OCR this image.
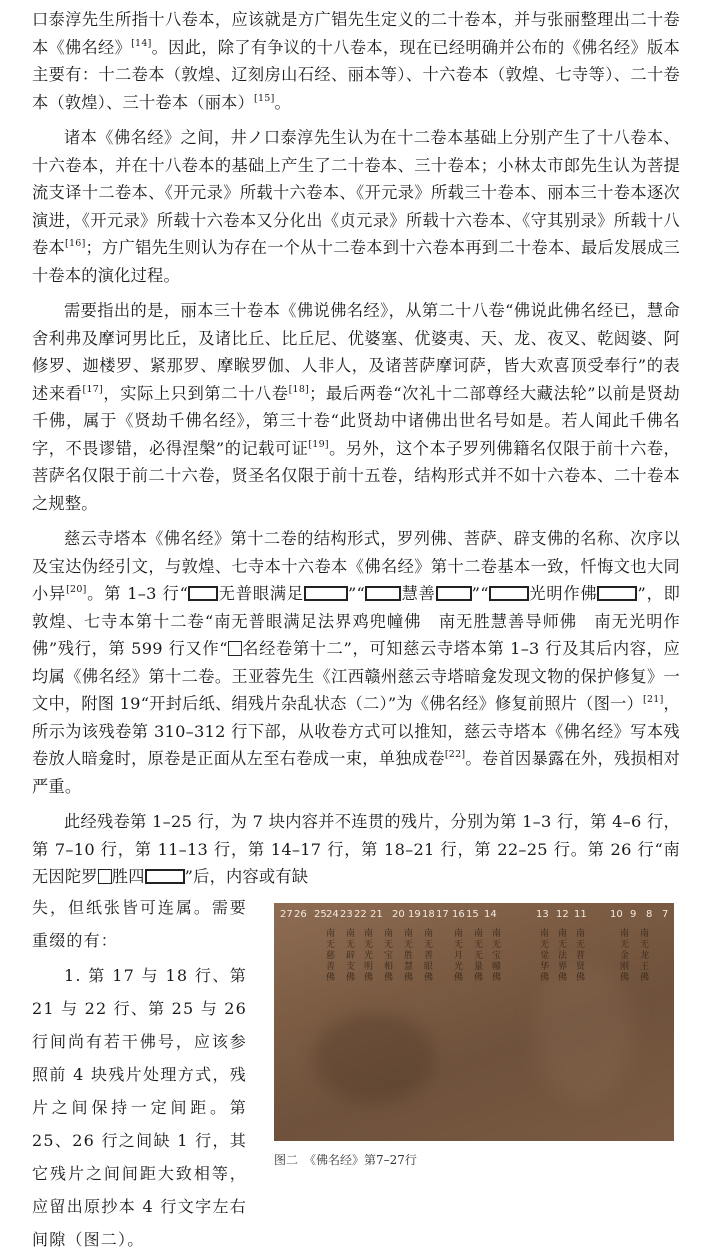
口泰淳先生所指十八卷本，应该就是方广锠先生定义的二十卷本，并与张丽整理出二十卷本《佛名经》[14]。因此，除了有争议的十八卷本，现在已经明确并公布的《佛名经》版本主要有：十二卷本（敦煌、辽刻房山石经、丽本等）、十六卷本（敦煌、七寺等）、二十卷本（敦煌）、三十卷本（丽本）[15]。

诸本《佛名经》之间，井ノ口泰淳先生认为在十二卷本基础上分别产生了十八卷本、十六卷本，并在十八卷本的基础上产生了二十卷本、三十卷本；小林太市郎先生认为菩提流支译十二卷本、《开元录》所载十六卷本、《开元录》所载三十卷本、丽本三十卷本逐次演进，《开元录》所载十六卷本又分化出《贞元录》所载十六卷本、《守其别录》所载十八卷本[16]；方广锠先生则认为存在一个从十二卷本到十六卷本再到二十卷本、最后发展成三十卷本的演化过程。

需要指出的是，丽本三十卷本《佛说佛名经》，从第二十八卷“佛说此佛名经已，慧命舍利弗及摩诃男比丘，及诸比丘、比丘尼、优婆塞、优婆夷、天、龙、夜叉、乾闼婆、阿修罗、迦楼罗、紧那罗、摩睺罗伽、人非人，及诸菩萨摩诃萨，皆大欢喜顶受奉行”的表述来看[17]，实际上只到第二十八卷[18]；最后两卷“次礼十二部尊经大藏法轮”以前是贤劫千佛，属于《贤劫千佛名经》，第三十卷“此贤劫中诸佛出世名号如是。若人闻此千佛名字，不畏谬错，必得涅槃”的记载可证[19]。另外，这个本子罗列佛籍名仅限于前十六卷，菩萨名仅限于前二十六卷，贤圣名仅限于前十五卷，结构形式并不如十六卷本、二十卷本之规整。

慈云寺塔本《佛名经》第十二卷的结构形式，罗列佛、菩萨、辟支佛的名称、次序以及宝达伪经引文，与敦煌、七寺本十六卷本《佛名经》第十二卷基本一致，忏悔文也大同小异[20]。第 1–3 行“ 无普眼满足	”“ 慧善 ”“ 光明作佛 ”，即敦煌、七寺本第十二卷“南无普眼满足法界鸡兜幢佛　南无胜慧善导师佛　南无光明作佛”残行，第 599 行又作“ 名经卷第十二”，可知慈云寺塔本第 1–3 行及其后内容，应均属《佛名经》第十二卷。王亚蓉先生《江西赣州慈云寺塔暗龛发现文物的保护修复》一文中，附图 19“开封后纸、绢残片杂乱状态（二）”为《佛名经》修复前照片（图一）[21]，所示为该残卷第 310–312 行下部，从收卷方式可以推知，慈云寺塔本《佛名经》写本残卷放人暗龛时，原卷是正面从左至右卷成一束，单独成卷[22]。卷首因暴露在外，残损相对严重。

此经残卷第 1–25 行，为 7 块内容并不连贯的残片，分别为第 1–3 行，第 4–6 行，第 7–10 行，第 11–13 行，第 14–17 行，第 18–21 行，第 22–25 行。第 26 行“南无因陀罗 胜四 ”后，内容或有缺

失，但纸张皆可连属。需要重缀的有：

1. 第 17 与 18 行、第 21 与 22 行、第 25 与 26 行间尚有若干佛号，应该参照前 4 块残片处理方式，残片之间保持一定间距。第 25、26 行之间缺 1 行，其它残片之间间距大致相等，应留出原抄本 4 行文字左右间隙（图二）。

27 26 25 24 23 22 21 20 19 18 17 16 15 14	13 12 11 10 9 8 7
南无慈善佛
南无辟支佛
南无光明佛
南无宝相佛
南无胜慧佛
南无善眼佛
南无月光佛
南无无量佛
南无宝幢佛
南无觉华佛
南无法界佛
南无普贤佛
南无金刚佛
南无龙王佛
图二　《佛名经》第7–27行
